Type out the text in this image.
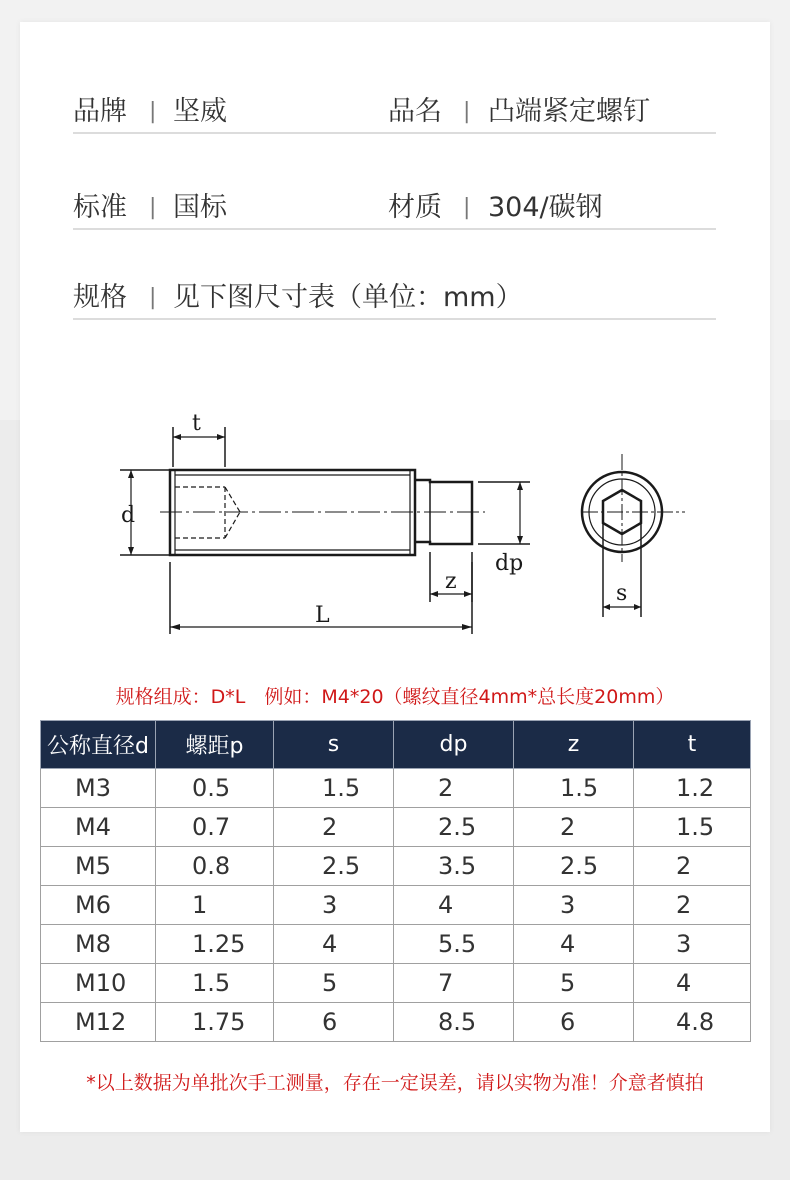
品牌 | 坚威	品名 | 凸端紧定螺钉
标准 | 国标	材质 | 304/碳钢
规格 | 见下图尺寸表（单位：mm）
t
d
dp
z
L
s
规格组成：D*L　例如：M4*20（螺纹直径4mm*总长度20mm）
公称直径d	螺距p	s	dp	z	t
M3	0.5	1.5	2	1.5	1.2
M4	0.7	2	2.5	2	1.5
M5	0.8	2.5	3.5	2.5	2
M6	1	3	4	3	2
M8	1.25	4	5.5	4	3
M10	1.5	5	7	5	4
M12	1.75	6	8.5	6	4.8
*以上数据为单批次手工测量，存在一定误差，请以实物为准！介意者慎拍
